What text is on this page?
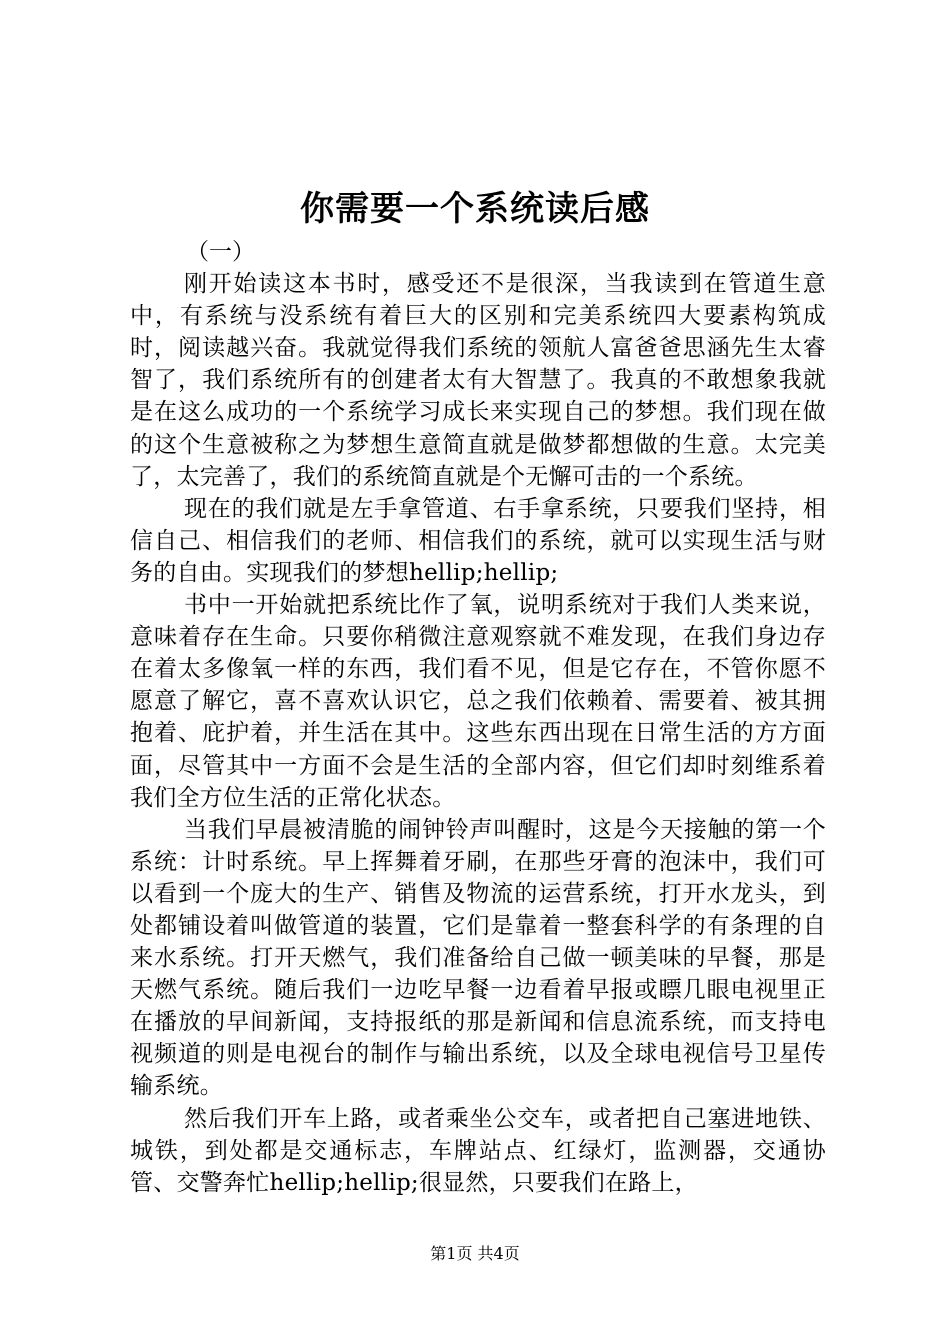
你需要一个系统读后感

（一）

刚开始读这本书时，感受还不是很深，当我读到在管道生意中，有系统与没系统有着巨大的区别和完美系统四大要素构筑成时，阅读越兴奋。我就觉得我们系统的领航人富爸爸思涵先生太睿智了，我们系统所有的创建者太有大智慧了。我真的不敢想象我就是在这么成功的一个系统学习成长来实现自己的梦想。我们现在做的这个生意被称之为梦想生意简直就是做梦都想做的生意。太完美了，太完善了，我们的系统简直就是个无懈可击的一个系统。

现在的我们就是左手拿管道、右手拿系统，只要我们坚持，相信自己、相信我们的老师、相信我们的系统，就可以实现生活与财务的自由。实现我们的梦想hellip;hellip;

书中一开始就把系统比作了氧，说明系统对于我们人类来说，意味着存在生命。只要你稍微注意观察就不难发现，在我们身边存在着太多像氧一样的东西，我们看不见，但是它存在，不管你愿不愿意了解它，喜不喜欢认识它，总之我们依赖着、需要着、被其拥抱着、庇护着，并生活在其中。这些东西出现在日常生活的方方面面，尽管其中一方面不会是生活的全部内容，但它们却时刻维系着我们全方位生活的正常化状态。

当我们早晨被清脆的闹钟铃声叫醒时，这是今天接触的第一个系统：计时系统。早上挥舞着牙刷，在那些牙膏的泡沫中，我们可以看到一个庞大的生产、销售及物流的运营系统，打开水龙头，到处都铺设着叫做管道的装置，它们是靠着一整套科学的有条理的自来水系统。打开天燃气，我们准备给自己做一顿美味的早餐，那是天燃气系统。随后我们一边吃早餐一边看着早报或瞟几眼电视里正在播放的早间新闻，支持报纸的那是新闻和信息流系统，而支持电视频道的则是电视台的制作与输出系统，以及全球电视信号卫星传输系统。

然后我们开车上路，或者乘坐公交车，或者把自己塞进地铁、城铁，到处都是交通标志，车牌站点、红绿灯，监测器，交通协管、交警奔忙hellip;hellip;很显然，只要我们在路上，

第1页 共4页
